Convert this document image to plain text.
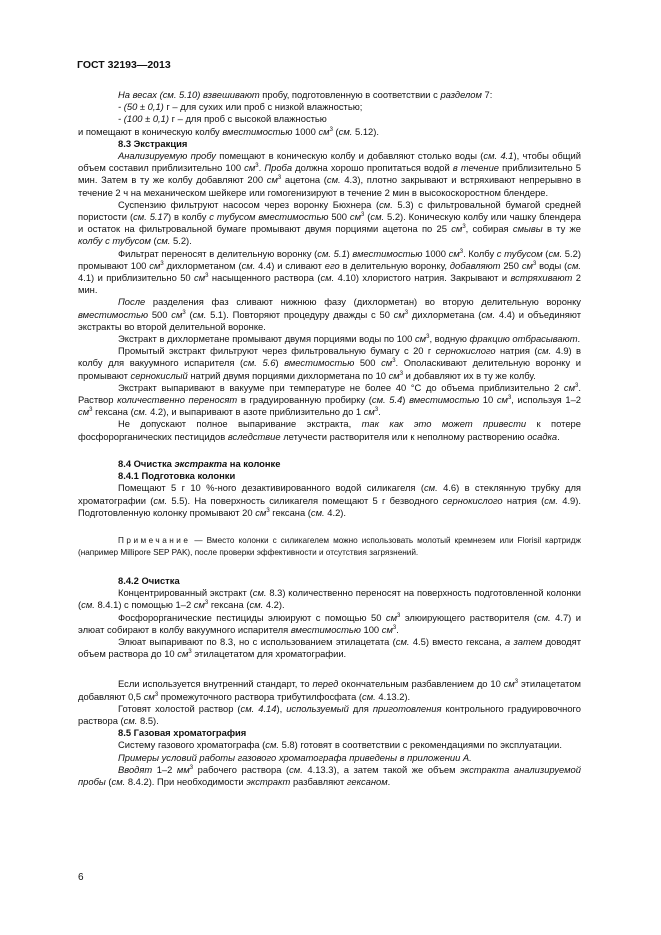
ГОСТ 32193—2013

На весах (см. 5.10) взвешивают пробу, подготовленную в соответствии с разделом 7:

- (50 ± 0,1) г – для сухих или проб с низкой влажностью;

- (100 ± 0,1) г – для проб с высокой влажностью

и помещают в коническую колбу вместимостью 1000 $см^3$ (см. 5.12).

8.3 Экстракция

Анализируемую пробу помещают в коническую колбу и добавляют столько воды (см. 4.1), чтобы общий объем составил приблизительно 100 $см^3$. Проба должна хорошо пропитаться водой в течение приблизительно 5 мин. Затем в ту же колбу добавляют 200 $см^3$ ацетона (см. 4.3), плотно закрывают и встряхивают непрерывно в течение 2 ч на механическом шейкере или гомогенизируют в течение 2 мин в высокоскоростном блендере.

Суспензию фильтруют насосом через воронку Бюхнера (см. 5.3) с фильтровальной бумагой средней пористости (см. 5.17) в колбу с тубусом вместимостью 500 $см^3$ (см. 5.2). Коническую колбу или чашку блендера и остаток на фильтровальной бумаге промывают двумя порциями ацетона по 25 $см^3$, собирая смывы в ту же колбу с тубусом (см. 5.2).

Фильтрат переносят в делительную воронку (см. 5.1) вместимостью 1000 $см^3$. Колбу с тубусом (см. 5.2) промывают 100 $см^3$ дихлорметаном (см. 4.4) и сливают его в делительную воронку, добавляют 250 $см^3$ воды (см. 4.1) и приблизительно 50 $см^3$ насыщенного раствора (см. 4.10) хлористого натрия. Закрывают и встряхивают 2 мин.

После разделения фаз сливают нижнюю фазу (дихлорметан) во вторую делительную воронку вместимостью 500 $см^3$ (см. 5.1). Повторяют процедуру дважды с 50 $см^3$ дихлорметана (см. 4.4) и объединяют экстракты во второй делительной воронке.

Экстракт в дихлорметане промывают двумя порциями воды по 100 $см^3$, водную фракцию отбрасывают.

Промытый экстракт фильтруют через фильтровальную бумагу с 20 г сернокислого натрия (см. 4.9) в колбу для вакуумного испарителя (см. 5.6) вместимостью 500 $см^3$. Ополаскивают делительную воронку и промывают сернокислый натрий двумя порциями дихлорметана по 10 $см^3$ и добавляют их в ту же колбу.

Экстракт выпаривают в вакууме при температуре не более 40 °С до объема приблизительно 2 $см^3$. Раствор количественно переносят в градуированную пробирку (см. 5.4) вместимостью 10 $см^3$, используя 1–2 $см^3$ гексана (см. 4.2), и выпаривают в азоте приблизительно до 1 $см^3$.

Не допускают полное выпаривание экстракта, так как это может привести к потере фосфорорганических пестицидов вследствие летучести растворителя или к неполному растворению осадка.

8.4 Очистка экстракта на колонке

8.4.1 Подготовка колонки

Помещают 5 г 10 %-ного дезактивированного водой силикагеля (см. 4.6) в стеклянную трубку для хроматографии (см. 5.5). На поверхность силикагеля помещают 5 г безводного сернокислого натрия (см. 4.9). Подготовленную колонку промывают 20 $см^3$ гексана (см. 4.2).

Примечание — Вместо колонки с силикагелем можно использовать молотый кремнезем или Florisil картридж (например Millipore SEP PAK), после проверки эффективности и отсутствия загрязнений.

8.4.2 Очистка

Концентрированный экстракт (см. 8.3) количественно переносят на поверхность подготовленной колонки (см. 8.4.1) с помощью 1–2 $см^3$ гексана (см. 4.2).

Фосфорорганические пестициды элюируют с помощью 50 $см^3$ элюирующего растворителя (см. 4.7) и элюат собирают в колбу вакуумного испарителя вместимостью 100 $см^3$.

Элюат выпаривают по 8.3, но с использованием этилацетата (см. 4.5) вместо гексана, а затем доводят объем раствора до 10 $см^3$ этилацетатом для хроматографии.

Если используется внутренний стандарт, то перед окончательным разбавлением до 10 $см^3$ этилацетатом добавляют 0,5 $см^3$ промежуточного раствора трибутилфосфата (см. 4.13.2).

Готовят холостой раствор (см. 4.14), используемый для приготовления контрольного градуировочного раствора (см. 8.5).

8.5 Газовая хроматография

Систему газового хроматографа (см. 5.8) готовят в соответствии с рекомендациями по эксплуатации.

Примеры условий работы газового хроматографа приведены в приложении А.

Вводят 1–2 $мм^3$ рабочего раствора (см. 4.13.3), а затем такой же объем экстракта анализируемой пробы (см. 8.4.2). При необходимости экстракт разбавляют гексаном.

6
